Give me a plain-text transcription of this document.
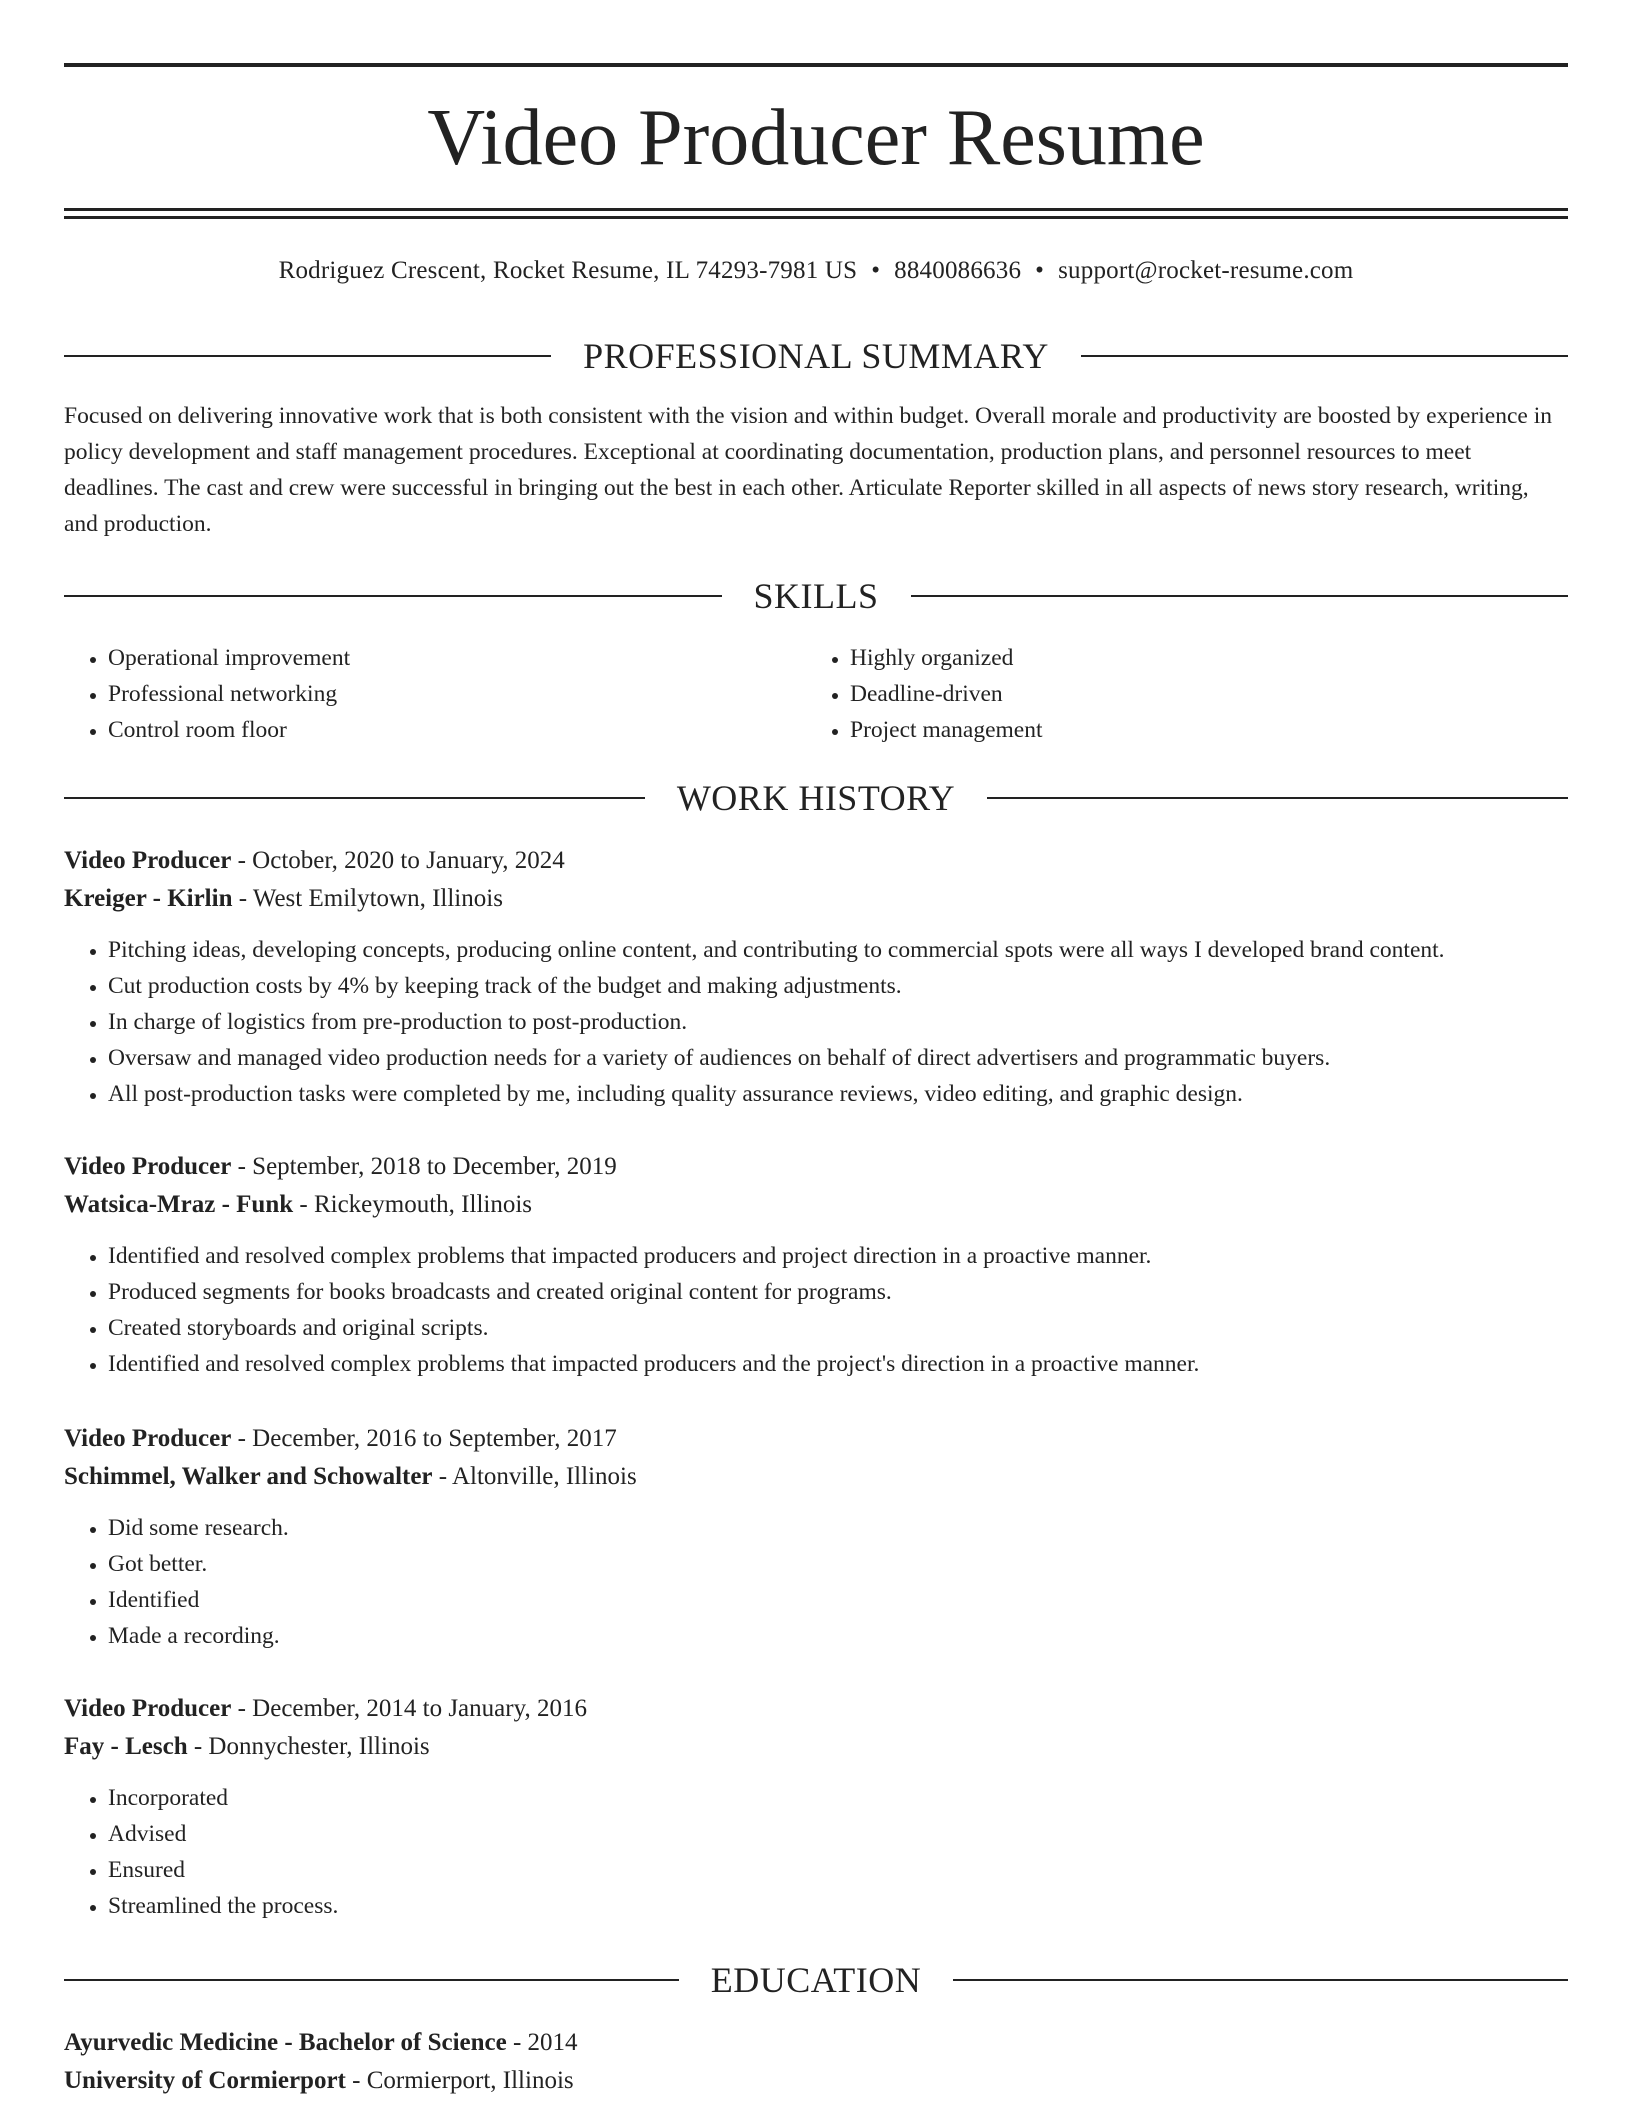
Video Producer Resume
Rodriguez Crescent, Rocket Resume, IL 74293-7981 US • 8840086636 • support@rocket-resume.com
PROFESSIONAL SUMMARY

Focused on delivering innovative work that is both consistent with the vision and within budget. Overall morale and productivity are boosted by experience in policy development and staff management procedures. Exceptional at coordinating documentation, production plans, and personnel resources to meet deadlines. The cast and crew were successful in bringing out the best in each other. Articulate Reporter skilled in all aspects of news story research, writing, and production.

SKILLS
• Operational improvement
• Professional networking
• Control room floor
• Highly organized
• Deadline-driven
• Project management
WORK HISTORY
Video Producer - October, 2020 to January, 2024
Kreiger - Kirlin - West Emilytown, Illinois
• Pitching ideas, developing concepts, producing online content, and contributing to commercial spots were all ways I developed brand content.
• Cut production costs by 4% by keeping track of the budget and making adjustments.
• In charge of logistics from pre-production to post-production.
• Oversaw and managed video production needs for a variety of audiences on behalf of direct advertisers and programmatic buyers.
• All post-production tasks were completed by me, including quality assurance reviews, video editing, and graphic design.
Video Producer - September, 2018 to December, 2019
Watsica-Mraz - Funk - Rickeymouth, Illinois
• Identified and resolved complex problems that impacted producers and project direction in a proactive manner.
• Produced segments for books broadcasts and created original content for programs.
• Created storyboards and original scripts.
• Identified and resolved complex problems that impacted producers and the project's direction in a proactive manner.
Video Producer - December, 2016 to September, 2017
Schimmel, Walker and Schowalter - Altonville, Illinois
• Did some research.
• Got better.
• Identified
• Made a recording.
Video Producer - December, 2014 to January, 2016
Fay - Lesch - Donnychester, Illinois
• Incorporated
• Advised
• Ensured
• Streamlined the process.
EDUCATION
Ayurvedic Medicine - Bachelor of Science - 2014
University of Cormierport - Cormierport, Illinois
